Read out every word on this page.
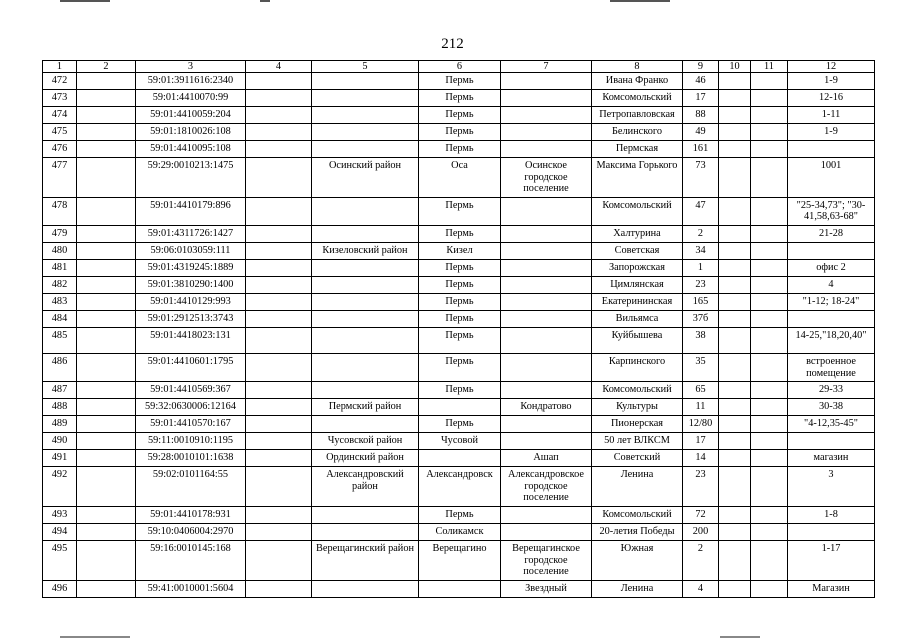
212
1	2	3	4	5	6	7	8	9	10	11	12
472		59:01:3911616:2340			Пермь		Ивана Франко	46			1-9
473		59:01:4410070:99			Пермь		Комсомольский	17			12-16
474		59:01:4410059:204			Пермь		Петропавловская	88			1-11
475		59:01:1810026:108			Пермь		Белинского	49			1-9
476		59:01:4410095:108			Пермь		Пермская	161			
477		59:29:0010213:1475		Осинский район	Оса	Осинское городское поселение	Максима Горького	73			1001
478		59:01:4410179:896			Пермь		Комсомольский	47			"25-34,73"; "30-41,58,63-68"
479		59:01:4311726:1427			Пермь		Халтурина	2			21-28
480		59:06:0103059:111		Кизеловский район	Кизел		Советская	34			
481		59:01:4319245:1889			Пермь		Запорожская	1			офис 2
482		59:01:3810290:1400			Пермь		Цимлянская	23			4
483		59:01:4410129:993			Пермь		Екатерининская	165			"1-12; 18-24"
484		59:01:2912513:3743			Пермь		Вильямса	37б			
485		59:01:4418023:131			Пермь		Куйбышева	38			14-25,"18,20,40"
486		59:01:4410601:1795			Пермь		Карпинского	35			встроенное помещение
487		59:01:4410569:367			Пермь		Комсомольский	65			29-33
488		59:32:0630006:12164		Пермский район		Кондратово	Культуры	11			30-38
489		59:01:4410570:167			Пермь		Пионерская	12/80			"4-12,35-45"
490		59:11:0010910:1195		Чусовской район	Чусовой		50 лет ВЛКСМ	17			
491		59:28:0010101:1638		Ординский район		Ашап	Советский	14			магазин
492		59:02:0101164:55		Александровский район	Александровск	Александровское городское поселение	Ленина	23			3
493		59:01:4410178:931			Пермь		Комсомольский	72			1-8
494		59:10:0406004:2970			Соликамск		20-летия Победы	200			
495		59:16:0010145:168		Верещагинский район	Верещагино	Верещагинское городское поселение	Южная	2			1-17
496		59:41:0010001:5604				Звездный	Ленина	4			Магазин
